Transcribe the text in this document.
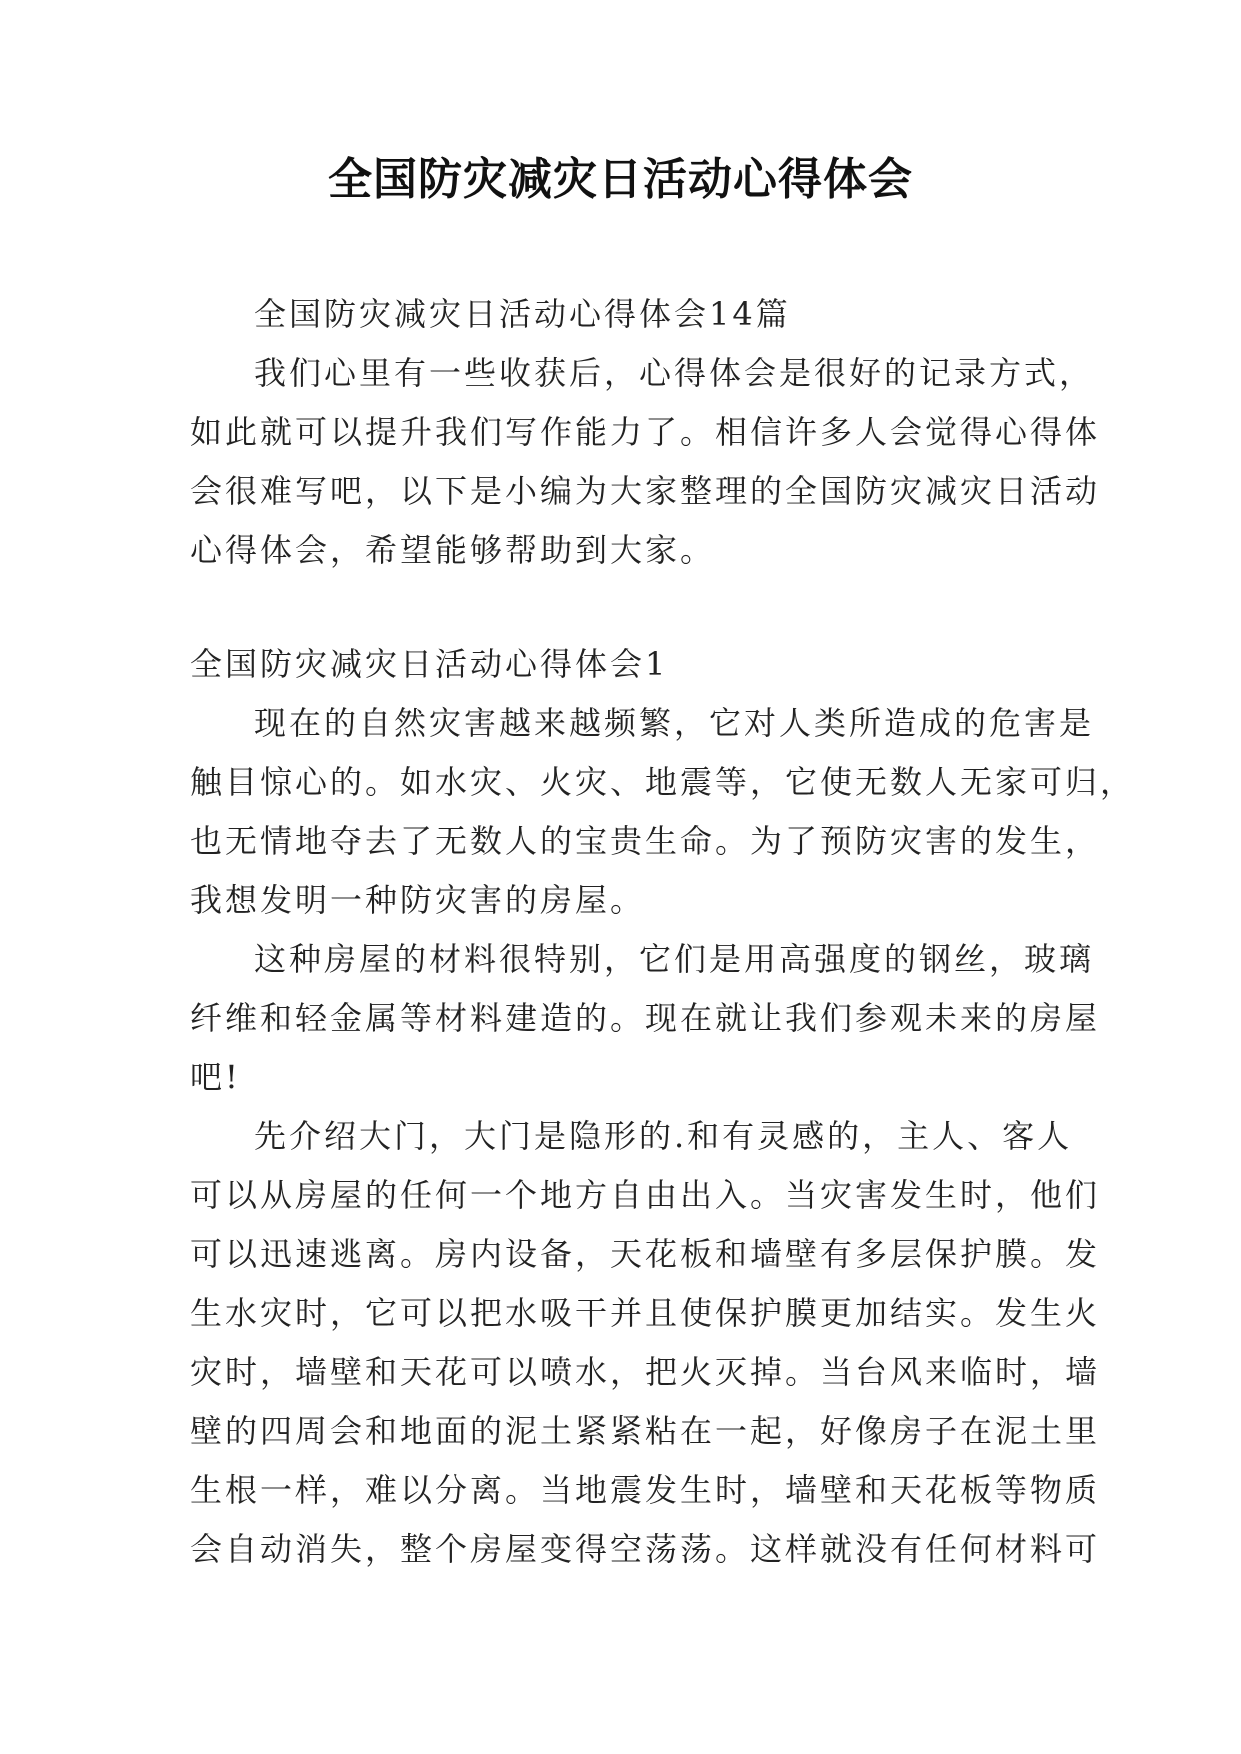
全国防灾减灾日活动心得体会
全国防灾减灾日活动心得体会14篇
我们心里有一些收获后，心得体会是很好的记录方式，
如此就可以提升我们写作能力了。相信许多人会觉得心得体
会很难写吧，以下是小编为大家整理的全国防灾减灾日活动
心得体会，希望能够帮助到大家。
全国防灾减灾日活动心得体会1
现在的自然灾害越来越频繁，它对人类所造成的危害是
触目惊心的。如水灾、火灾、地震等，它使无数人无家可归，
也无情地夺去了无数人的宝贵生命。为了预防灾害的发生，
我想发明一种防灾害的房屋。
这种房屋的材料很特别，它们是用高强度的钢丝，玻璃
纤维和轻金属等材料建造的。现在就让我们参观未来的房屋
吧!
先介绍大门，大门是隐形的.和有灵感的，主人、客人
可以从房屋的任何一个地方自由出入。当灾害发生时，他们
可以迅速逃离。房内设备，天花板和墙壁有多层保护膜。发
生水灾时，它可以把水吸干并且使保护膜更加结实。发生火
灾时，墙壁和天花可以喷水，把火灭掉。当台风来临时，墙
壁的四周会和地面的泥土紧紧粘在一起，好像房子在泥土里
生根一样，难以分离。当地震发生时，墙壁和天花板等物质
会自动消失，整个房屋变得空荡荡。这样就没有任何材料可
